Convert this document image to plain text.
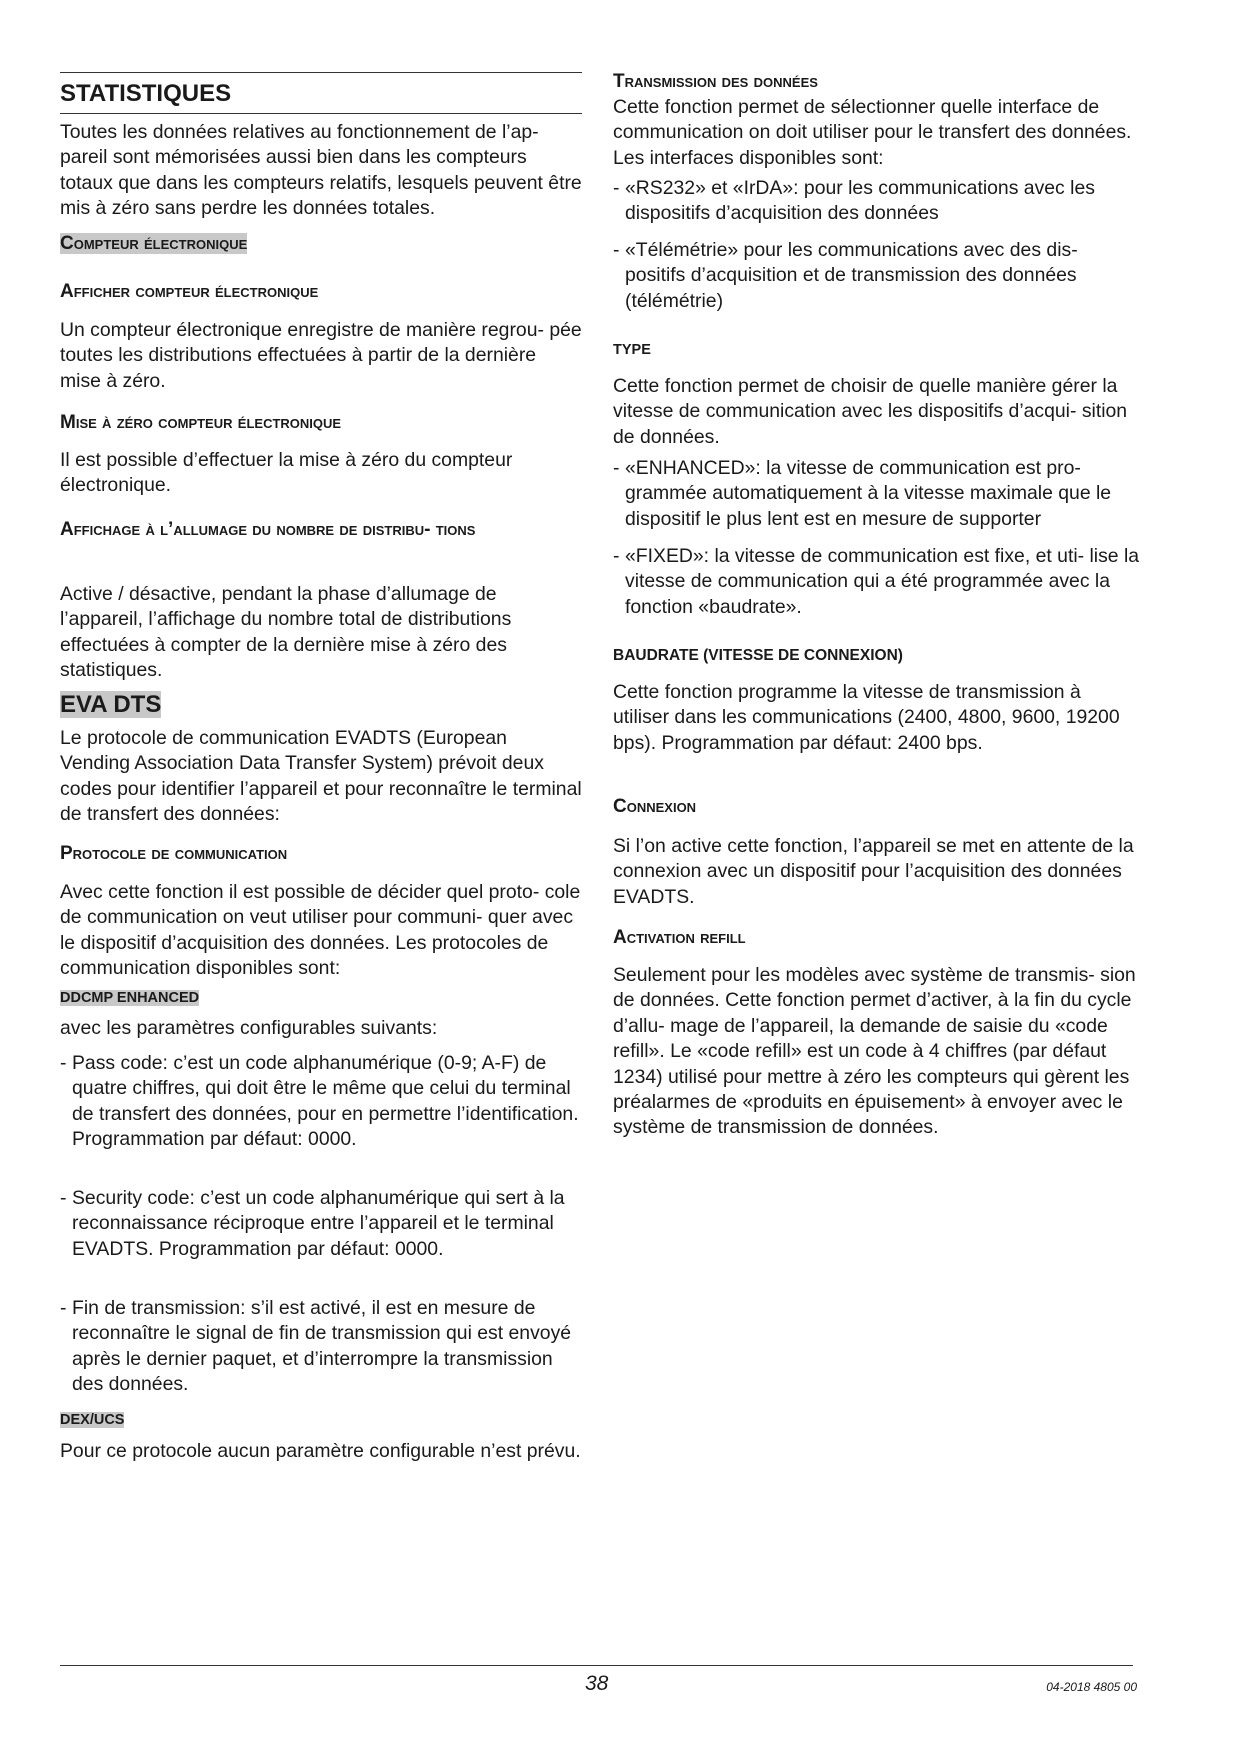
STATISTIQUES

Toutes les données relatives au fonctionnement de l’ap- pareil sont mémorisées aussi bien dans les compteurs totaux que dans les compteurs relatifs, lesquels peuvent être mis à zéro sans perdre les données totales.

Compteur électronique
Afficher compteur électronique

Un compteur électronique enregistre de manière regrou- pée toutes les distributions effectuées à partir de la dernière mise à zéro.

Mise à zéro compteur électronique

Il est possible d’effectuer la mise à zéro du compteur électronique.

Affichage à l’allumage du nombre de distribu- tions

Active / désactive, pendant la phase d’allumage de l’appareil, l’affichage du nombre total de distributions effectuées à compter de la dernière mise à zéro des statistiques.

EVA DTS

Le protocole de communication EVADTS (European Vending Association Data Transfer System) prévoit deux codes pour identifier l’appareil et pour reconnaître le terminal de transfert des données:

Protocole de communication

Avec cette fonction il est possible de décider quel proto- cole de communication on veut utiliser pour communi- quer avec le dispositif d’acquisition des données. Les protocoles de communication disponibles sont:

DDCMP ENHANCED

avec les paramètres configurables suivants:

- Pass code: c’est un code alphanumérique (0-9; A-F) de quatre chiffres, qui doit être le même que celui du terminal de transfert des données, pour en permettre l’identification. Programmation par défaut: 0000.
- Security code: c’est un code alphanumérique qui sert à la reconnaissance réciproque entre l’appareil et le terminal EVADTS. Programmation par défaut: 0000.
- Fin de transmission: s’il est activé, il est en mesure de reconnaître le signal de fin de transmission qui est envoyé après le dernier paquet, et d’interrompre la transmission des données.
DEX/UCS

Pour ce protocole aucun paramètre configurable n’est prévu.

Transmission des données

Cette fonction permet de sélectionner quelle interface de communication on doit utiliser pour le transfert des données. Les interfaces disponibles sont:

- «RS232» et «IrDA»: pour les communications avec les dispositifs d’acquisition des données
- «Télémétrie» pour les communications avec des dis- positifs d’acquisition et de transmission des données (télémétrie)
TYPE

Cette fonction permet de choisir de quelle manière gérer la vitesse de communication avec les dispositifs d’acqui- sition de données.

- «ENHANCED»: la vitesse de communication est pro- grammée automatiquement à la vitesse maximale que le dispositif le plus lent est en mesure de supporter
- «FIXED»: la vitesse de communication est fixe, et uti- lise la vitesse de communication qui a été programmée avec la fonction «baudrate».
BAUDRATE (VITESSE DE CONNEXION)

Cette fonction programme la vitesse de transmission à utiliser dans les communications (2400, 4800, 9600, 19200 bps). Programmation par défaut: 2400 bps.

Connexion

Si l’on active cette fonction, l’appareil se met en attente de la connexion avec un dispositif pour l’acquisition des données EVADTS.

Activation refill

Seulement pour les modèles avec système de transmis- sion de données. Cette fonction permet d’activer, à la fin du cycle d’allu- mage de l’appareil, la demande de saisie du «code refill». Le «code refill» est un code à 4 chiffres (par défaut 1234) utilisé pour mettre à zéro les compteurs qui gèrent les préalarmes de «produits en épuisement» à envoyer avec le système de transmission de données.

38	04-2018 4805 00
